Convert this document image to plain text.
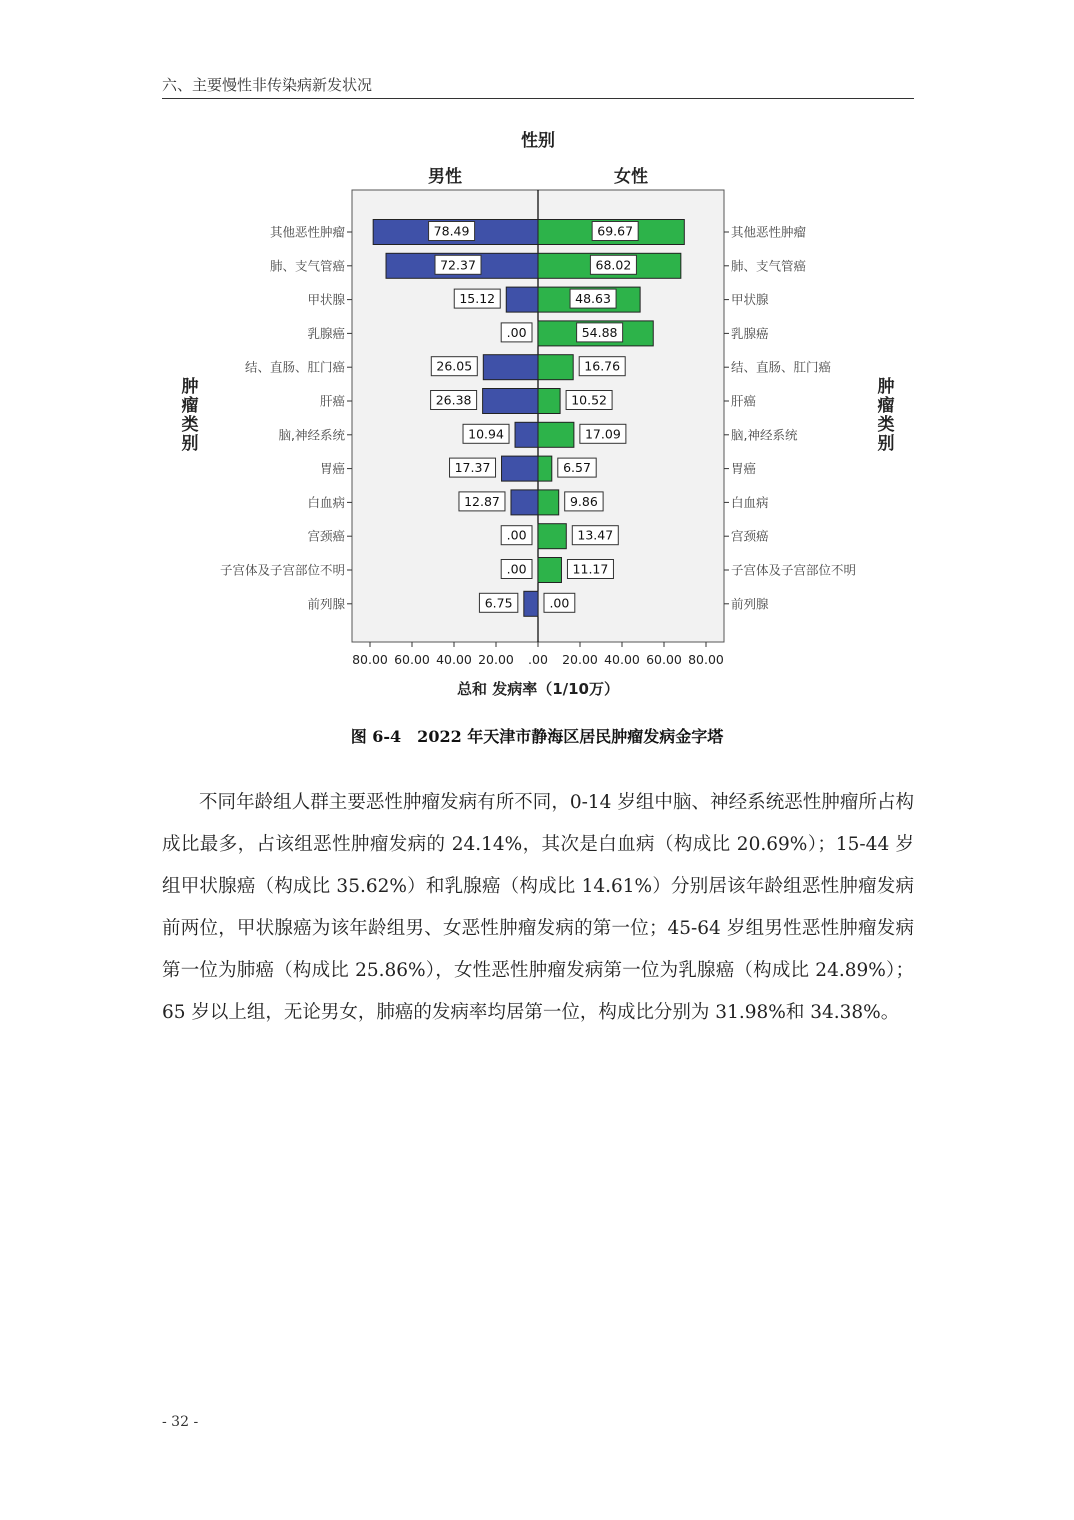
六、主要慢性非传染病新发状况
性别
男性	女性
总和 发病率（1/10万）
肿
瘤
类
别
肿
瘤
类
别
其他恶性肿瘤	其他恶性肿瘤
78.49	69.67
肺、支气管癌	肺、支气管癌
72.37	68.02
甲状腺	甲状腺
15.12	48.63
乳腺癌	乳腺癌
.00	54.88
结、直肠、肛门癌	结、直肠、肛门癌
26.05	16.76
肝癌	肝癌
26.38	10.52
脑,神经系统	脑,神经系统
10.94	17.09
胃癌	胃癌
17.37	6.57
白血病	白血病
12.87	9.86
宫颈癌	宫颈癌
.00	13.47
子宫体及子宫部位不明	子宫体及子宫部位不明
.00	11.17
前列腺	前列腺
6.75	.00
80.00 60.00 40.00 20.00 .00 20.00 40.00 60.00 80.00
图 6-4　2022 年天津市静海区居民肿瘤发病金字塔

不同年龄组人群主要恶性肿瘤发病有所不同，0-14 岁组中脑、神经系统恶性肿瘤所占构成比最多，占该组恶性肿瘤发病的 24.14%，其次是白血病（构成比 20.69%）；15-44 岁组甲状腺癌（构成比 35.62%）和乳腺癌（构成比 14.61%）分别居该年龄组恶性肿瘤发病前两位，甲状腺癌为该年龄组男、女恶性肿瘤发病的第一位；45-64 岁组男性恶性肿瘤发病第一位为肺癌（构成比 25.86%），女性恶性肿瘤发病第一位为乳腺癌（构成比 24.89%）；65 岁以上组，无论男女，肺癌的发病率均居第一位，构成比分别为 31.98%和 34.38%。

- 32 -
